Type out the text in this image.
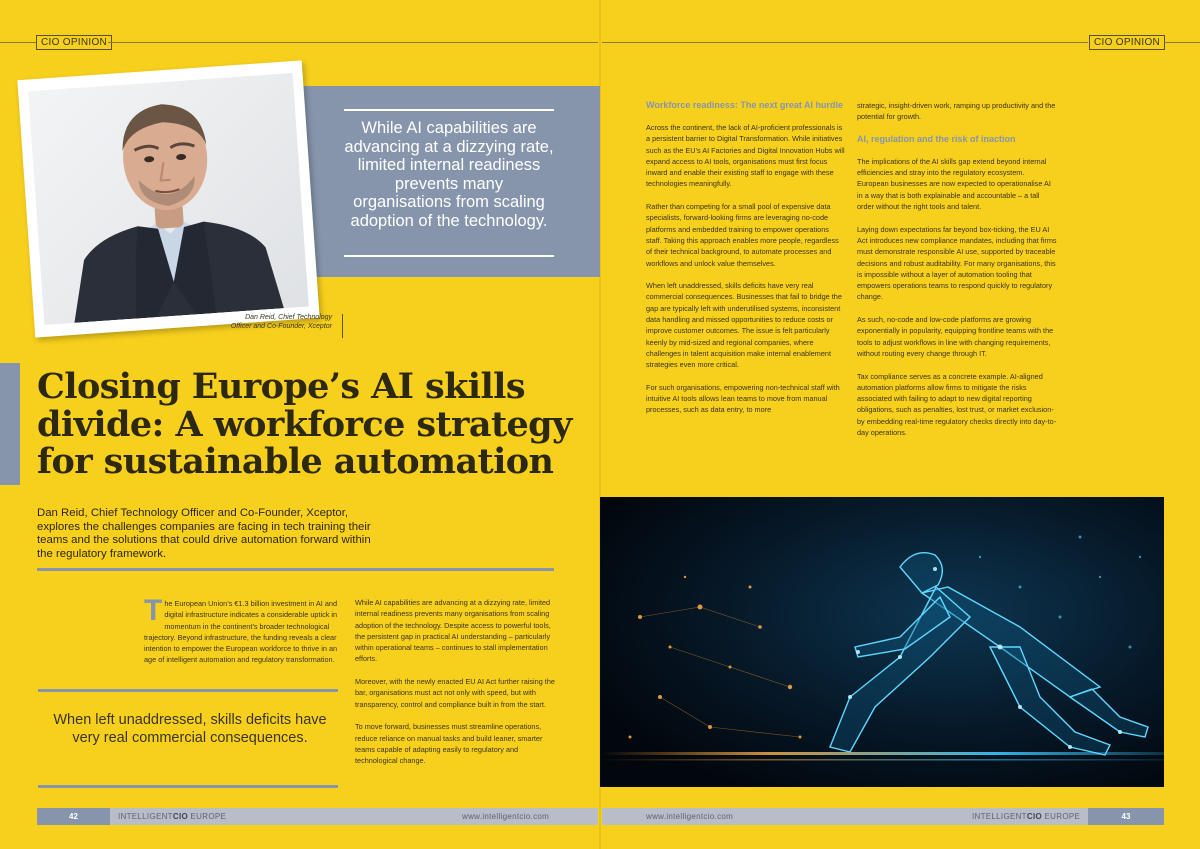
CIO OPINION	CIO OPINION
While AI capabilities are advancing at a dizzying rate, limited internal readiness prevents many organisations from scaling adoption of the technology.
Dan Reid, Chief Technology Officer and Co-Founder, Xceptor
Closing Europe’s AI skills divide: A workforce strategy for sustainable automation
Dan Reid, Chief Technology Officer and Co-Founder, Xceptor, explores the challenges companies are facing in tech training their teams and the solutions that could drive automation forward within the regulatory framework.
The European Union’s €1.3 billion investment in AI and digital infrastructure indicates a considerable uptick in momentum in the continent’s broader technological trajectory. Beyond infrastructure, the funding reveals a clear intention to empower the European workforce to thrive in an age of intelligent automation and regulatory transformation.
When left unaddressed, skills deficits have very real commercial consequences.

While AI capabilities are advancing at a dizzying rate, limited internal readiness prevents many organisations from scaling adoption of the technology. Despite access to powerful tools, the persistent gap in practical AI understanding – particularly within operational teams – continues to stall implementation efforts.

Moreover, with the newly enacted EU AI Act further raising the bar, organisations must act not only with speed, but with transparency, control and compliance built in from the start.

To move forward, businesses must streamline operations, reduce reliance on manual tasks and build leaner, smarter teams capable of adapting easily to regulatory and technological change.

Workforce readiness: The next great AI hurdle

Across the continent, the lack of AI-proficient professionals is a persistent barrier to Digital Transformation. While initiatives such as the EU’s AI Factories and Digital Innovation Hubs will expand access to AI tools, organisations must first focus inward and enable their existing staff to engage with these technologies meaningfully.

Rather than competing for a small pool of expensive data specialists, forward-looking firms are leveraging no-code platforms and embedded training to empower operations staff. Taking this approach enables more people, regardless of their technical background, to automate processes and workflows and unlock value themselves.

When left unaddressed, skills deficits have very real commercial consequences. Businesses that fail to bridge the gap are typically left with underutilised systems, inconsistent data handling and missed opportunities to reduce costs or improve customer outcomes. The issue is felt particularly keenly by mid-sized and regional companies, where challenges in talent acquisition make internal enablement strategies even more critical.

For such organisations, empowering non-technical staff with intuitive AI tools allows lean teams to move from manual processes, such as data entry, to more

strategic, insight-driven work, ramping up productivity and the potential for growth.

AI, regulation and the risk of inaction

The implications of the AI skills gap extend beyond internal efficiencies and stray into the regulatory ecosystem. European businesses are now expected to operationalise AI in a way that is both explainable and accountable – a tall order without the right tools and talent.

Laying down expectations far beyond box-ticking, the EU AI Act introduces new compliance mandates, including that firms must demonstrate responsible AI use, supported by traceable decisions and robust auditability. For many organisations, this is impossible without a layer of automation tooling that empowers operations teams to respond quickly to regulatory change.

As such, no-code and low-code platforms are growing exponentially in popularity, equipping frontline teams with the tools to adjust workflows in line with changing requirements, without routing every change through IT.

Tax compliance serves as a concrete example. AI-aligned automation platforms allow firms to mitigate the risks associated with failing to adapt to new digital reporting obligations, such as penalties, lost trust, or market exclusion-by embedding real-time regulatory checks directly into day-to-day operations.

42	INTELLIGENTCIO EUROPE	www.intelligentcio.com	www.intelligentcio.com	INTELLIGENTCIO EUROPE	43
